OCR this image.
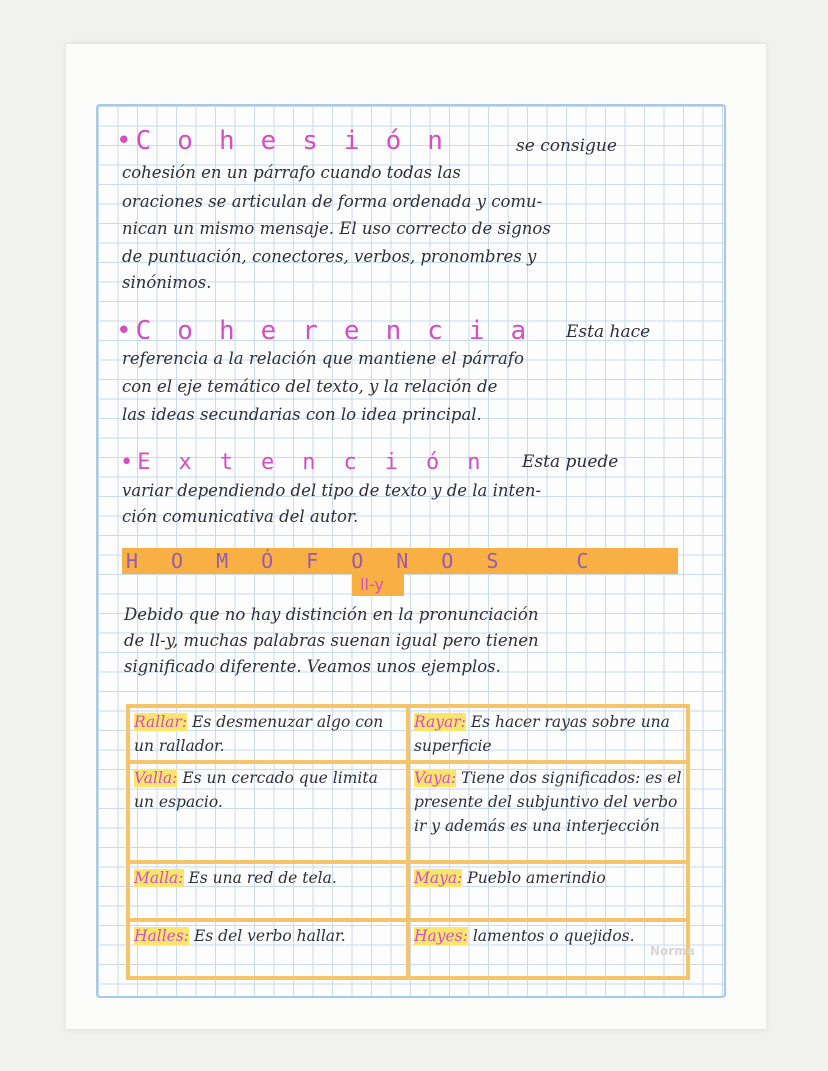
• Cohesión	se consigue
cohesión en un párrafo cuando todas las
oraciones se articulan de forma ordenada y comu-
nican un mismo mensaje. El uso correcto de signos
de puntuación, conectores, verbos, pronombres y
sinónimos.
• Coherencia Esta hace
referencia a la relación que mantiene el párrafo
con el eje temático del texto, y la relación de
las ideas secundarias con lo idea principal.
• Extención Esta puede
variar dependiendo del tipo de texto y de la inten-
ción comunicativa del autor.
HOMÓFONOS C
ll-y
Debido que no hay distinción en la pronunciación
de ll-y, muchas palabras suenan igual pero tienen
significado diferente. Veamos unos ejemplos.
Rallar: Es desmenuzar algo con un rallador.	Rayar: Es hacer rayas sobre una superficie
Valla: Es un cercado que limita un espacio.	Vaya: Tiene dos significados: es el presente del subjuntivo del verbo ir y además es una interjección
Malla: Es una red de tela.	Maya: Pueblo amerindio
Halles: Es del verbo hallar.	Hayes: lamentos o quejidos.
Norma
